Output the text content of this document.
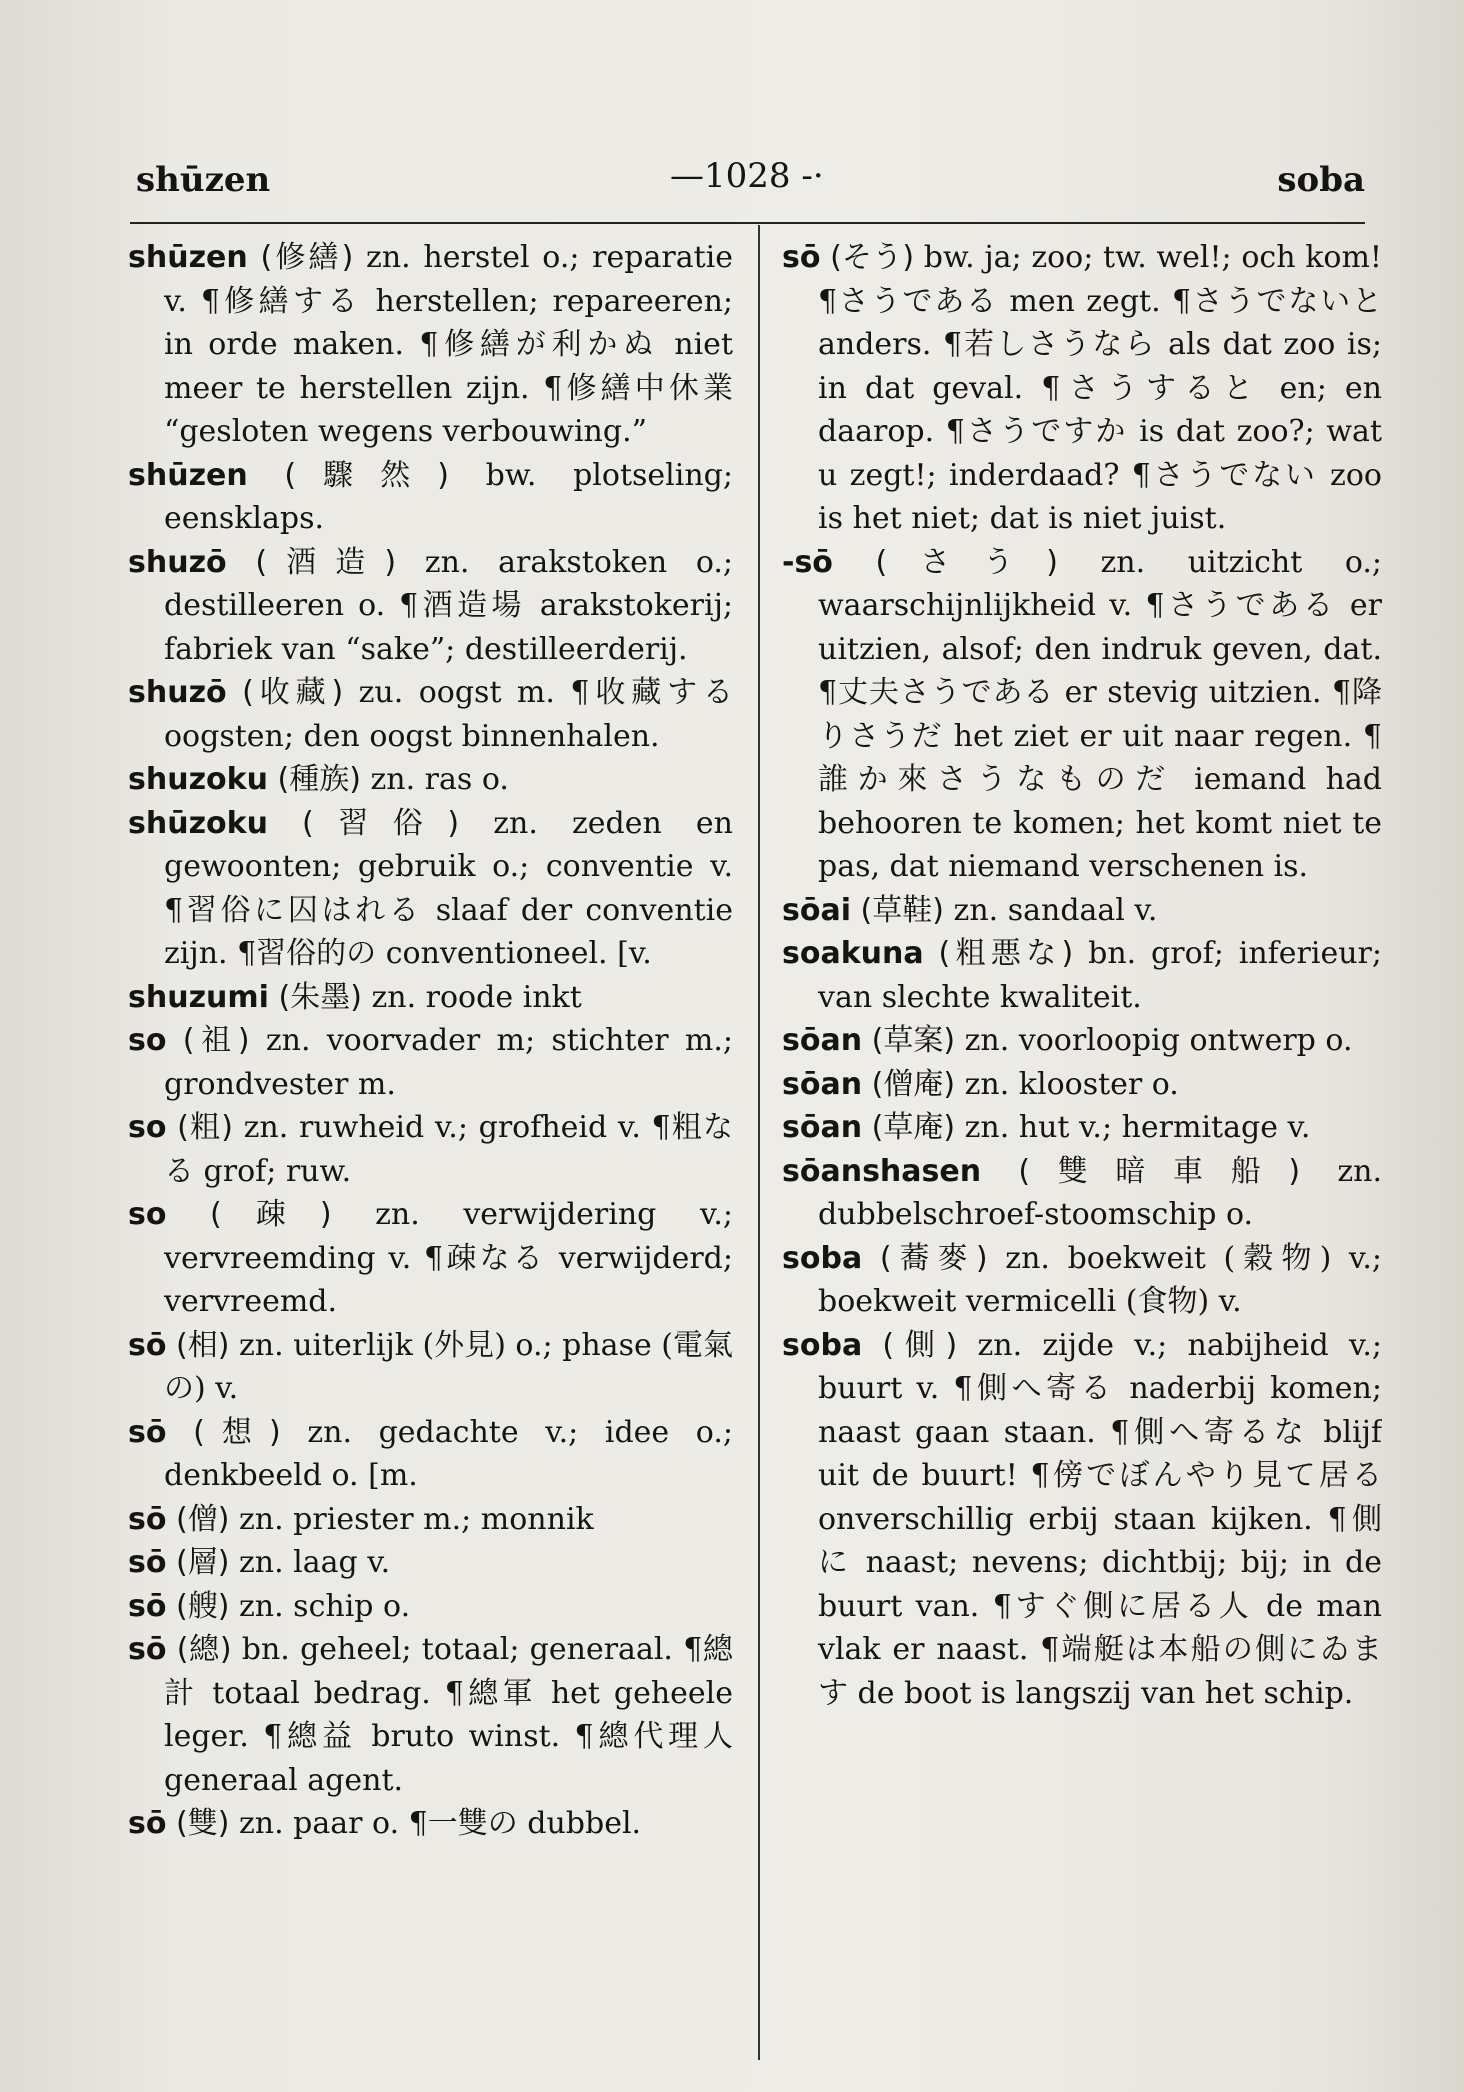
shūzen	—1028 -·	soba
shūzen (修繕) zn. herstel o.; reparatie v. ¶修繕する herstellen; repareeren; in orde maken. ¶修繕が利かぬ niet meer te herstellen zijn. ¶修繕中休業 “gesloten wegens verbouwing.”
shūzen (驟然) bw. plotseling; eensklaps.
shuzō (酒造) zn. arakstoken o.; destilleeren o. ¶酒造場 arakstokerij; fabriek van “sake”; destilleerderij.
shuzō (收藏) zu. oogst m. ¶收藏する oogsten; den oogst binnenhalen.
shuzoku (種族) zn. ras o.
shūzoku (習俗) zn. zeden en gewoonten; gebruik o.; conventie v. ¶習俗に囚はれる slaaf der conventie zijn. ¶習俗的の conventioneel. [v.
shuzumi (朱墨) zn. roode inkt
so (祖) zn. voorvader m; stichter m.; grondvester m.
so (粗) zn. ruwheid v.; grofheid v. ¶粗なる grof; ruw.
so (疎) zn. verwijdering v.; vervreemding v. ¶疎なる verwijderd; vervreemd.
sō (相) zn. uiterlijk (外見) o.; phase (電氣の) v.
sō (想) zn. gedachte v.; idee o.; denkbeeld o. [m.
sō (僧) zn. priester m.; monnik
sō (層) zn. laag v.
sō (艘) zn. schip o.
sō (總) bn. geheel; totaal; generaal. ¶總計 totaal bedrag. ¶總軍 het geheele leger. ¶總益 bruto winst. ¶總代理人 generaal agent.
sō (雙) zn. paar o. ¶一雙の dubbel.
sō (そう) bw. ja; zoo; tw. wel!; och kom! ¶さうである men zegt. ¶さうでないと anders. ¶若しさうなら als dat zoo is; in dat geval. ¶さうすると en; en daarop. ¶さうですか is dat zoo?; wat u zegt!; inderdaad? ¶さうでない zoo is het niet; dat is niet juist.
-sō (さう) zn. uitzicht o.; waarschijnlijkheid v. ¶さうである er uitzien, alsof; den indruk geven, dat. ¶丈夫さうである er stevig uitzien. ¶降りさうだ het ziet er uit naar regen. ¶誰か來さうなものだ iemand had behooren te komen; het komt niet te pas, dat niemand verschenen is.
sōai (草鞋) zn. sandaal v.
soakuna (粗悪な) bn. grof; inferieur; van slechte kwaliteit.
sōan (草案) zn. voorloopig ontwerp o.
sōan (僧庵) zn. klooster o.
sōan (草庵) zn. hut v.; hermitage v.
sōanshasen (雙暗車船) zn. dubbelschroef-stoomschip o.
soba (蕎麥) zn. boekweit (穀物) v.; boekweit vermicelli (食物) v.
soba (側) zn. zijde v.; nabijheid v.; buurt v. ¶側へ寄る naderbij komen; naast gaan staan. ¶側へ寄るな blijf uit de buurt! ¶傍でぼんやり見て居る onverschillig erbij staan kijken. ¶側に naast; nevens; dichtbij; bij; in de buurt van. ¶すぐ側に居る人 de man vlak er naast. ¶端艇は本船の側にゐます de boot is langszij van het schip.
